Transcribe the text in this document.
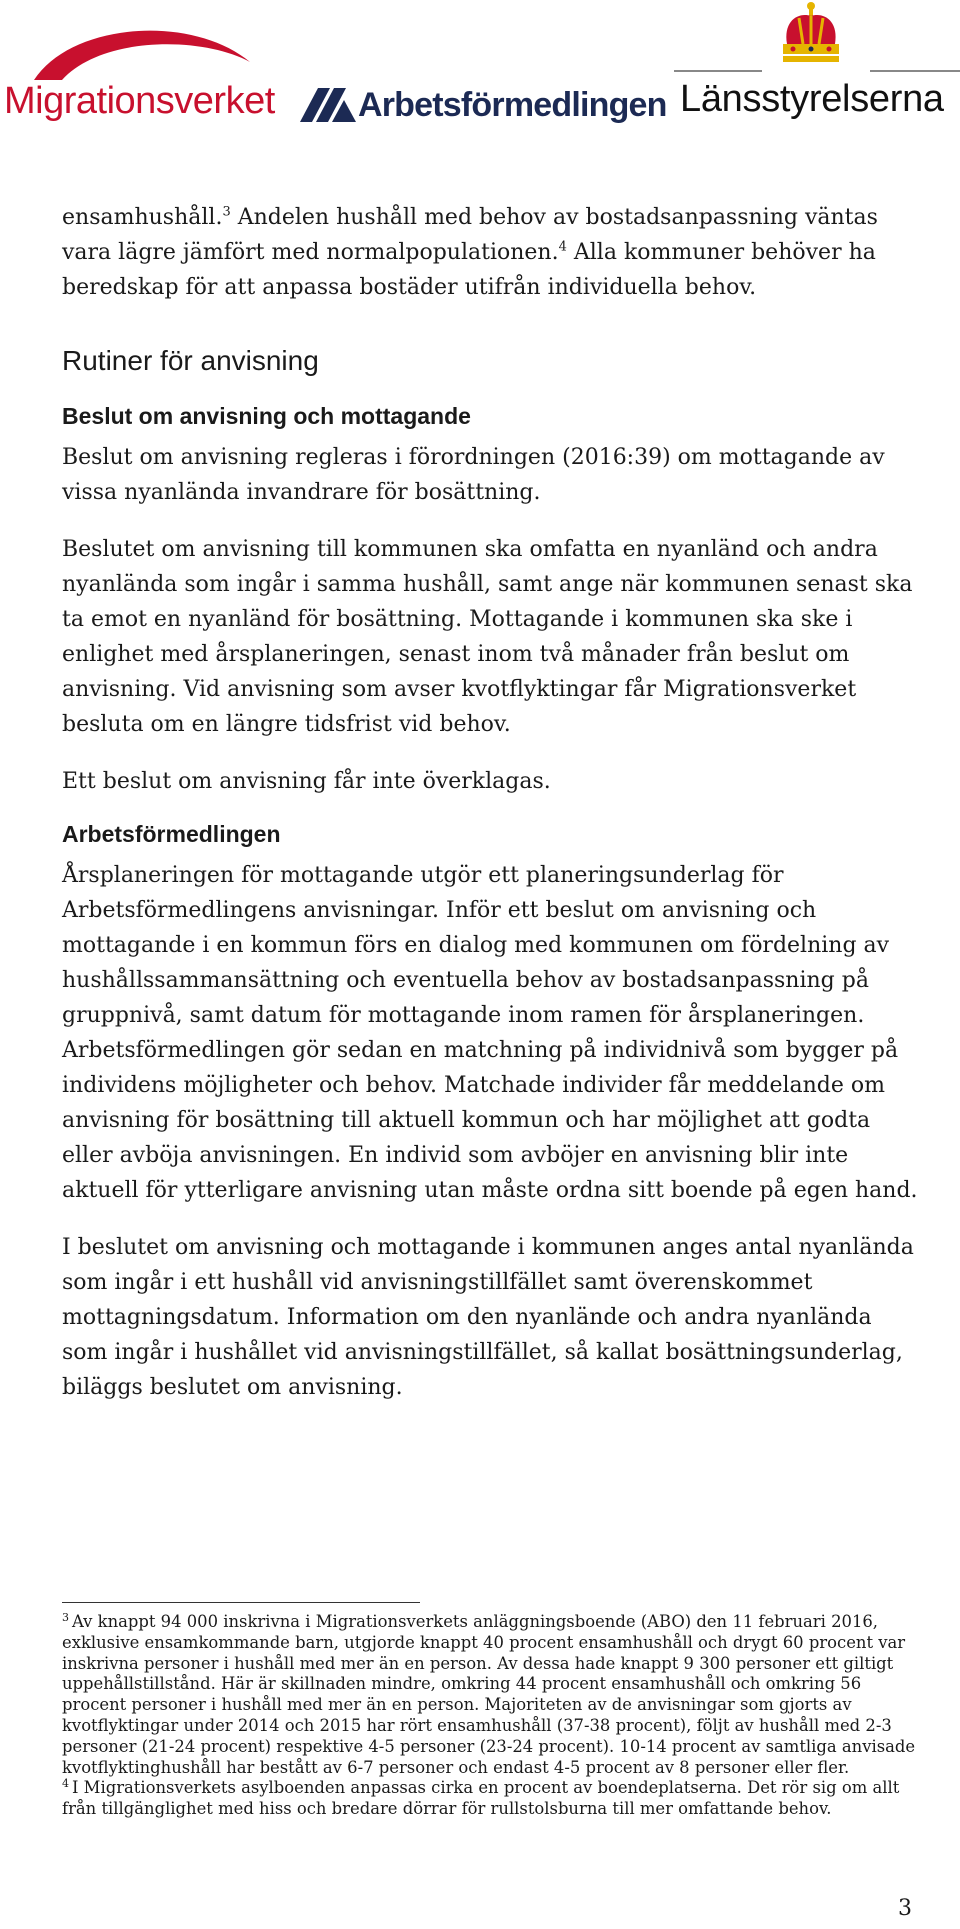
Migrationsverket Arbetsförmedlingen Länsstyrelserna

ensamhushåll.$^3$ Andelen hushåll med behov av bostadsanpassning väntas vara lägre jämfört med normalpopulationen.$^4$ Alla kommuner behöver ha beredskap för att anpassa bostäder utifrån individuella behov.

Rutiner för anvisning
Beslut om anvisning och mottagande

Beslut om anvisning regleras i förordningen (2016:39) om mottagande av vissa nyanlända invandrare för bosättning.

Beslutet om anvisning till kommunen ska omfatta en nyanländ och andra nyanlända som ingår i samma hushåll, samt ange när kommunen senast ska ta emot en nyanländ för bosättning. Mottagande i kommunen ska ske i enlighet med årsplaneringen, senast inom två månader från beslut om anvisning. Vid anvisning som avser kvotflyktingar får Migrationsverket besluta om en längre tidsfrist vid behov.

Ett beslut om anvisning får inte överklagas.

Arbetsförmedlingen

Årsplaneringen för mottagande utgör ett planeringsunderlag för Arbetsförmedlingens anvisningar. Inför ett beslut om anvisning och mottagande i en kommun förs en dialog med kommunen om fördelning av hushållssammansättning och eventuella behov av bostadsanpassning på gruppnivå, samt datum för mottagande inom ramen för årsplaneringen. Arbetsförmedlingen gör sedan en matchning på individnivå som bygger på individens möjligheter och behov. Matchade individer får meddelande om anvisning för bosättning till aktuell kommun och har möjlighet att godta eller avböja anvisningen. En individ som avböjer en anvisning blir inte aktuell för ytterligare anvisning utan måste ordna sitt boende på egen hand.

I beslutet om anvisning och mottagande i kommunen anges antal nyanlända som ingår i ett hushåll vid anvisningstillfället samt överenskommet mottagningsdatum. Information om den nyanlände och andra nyanlända som ingår i hushållet vid anvisningstillfället, så kallat bosättningsunderlag, biläggs beslutet om anvisning.

$^3$ Av knappt 94 000 inskrivna i Migrationsverkets anläggningsboende (ABO) den 11 februari 2016, exklusive ensamkommande barn, utgjorde knappt 40 procent ensamhushåll och drygt 60 procent var inskrivna personer i hushåll med mer än en person. Av dessa hade knappt 9 300 personer ett giltigt uppehållstillstånd. Här är skillnaden mindre, omkring 44 procent ensamhushåll och omkring 56 procent personer i hushåll med mer än en person. Majoriteten av de anvisningar som gjorts av kvotflyktingar under 2014 och 2015 har rört ensamhushåll (37-38 procent), följt av hushåll med 2-3 personer (21-24 procent) respektive 4-5 personer (23-24 procent). 10-14 procent av samtliga anvisade kvotflyktinghushåll har bestått av 6-7 personer och endast 4-5 procent av 8 personer eller fler.

$^4$ I Migrationsverkets asylboenden anpassas cirka en procent av boendeplatserna. Det rör sig om allt från tillgänglighet med hiss och bredare dörrar för rullstolsburna till mer omfattande behov.

3
